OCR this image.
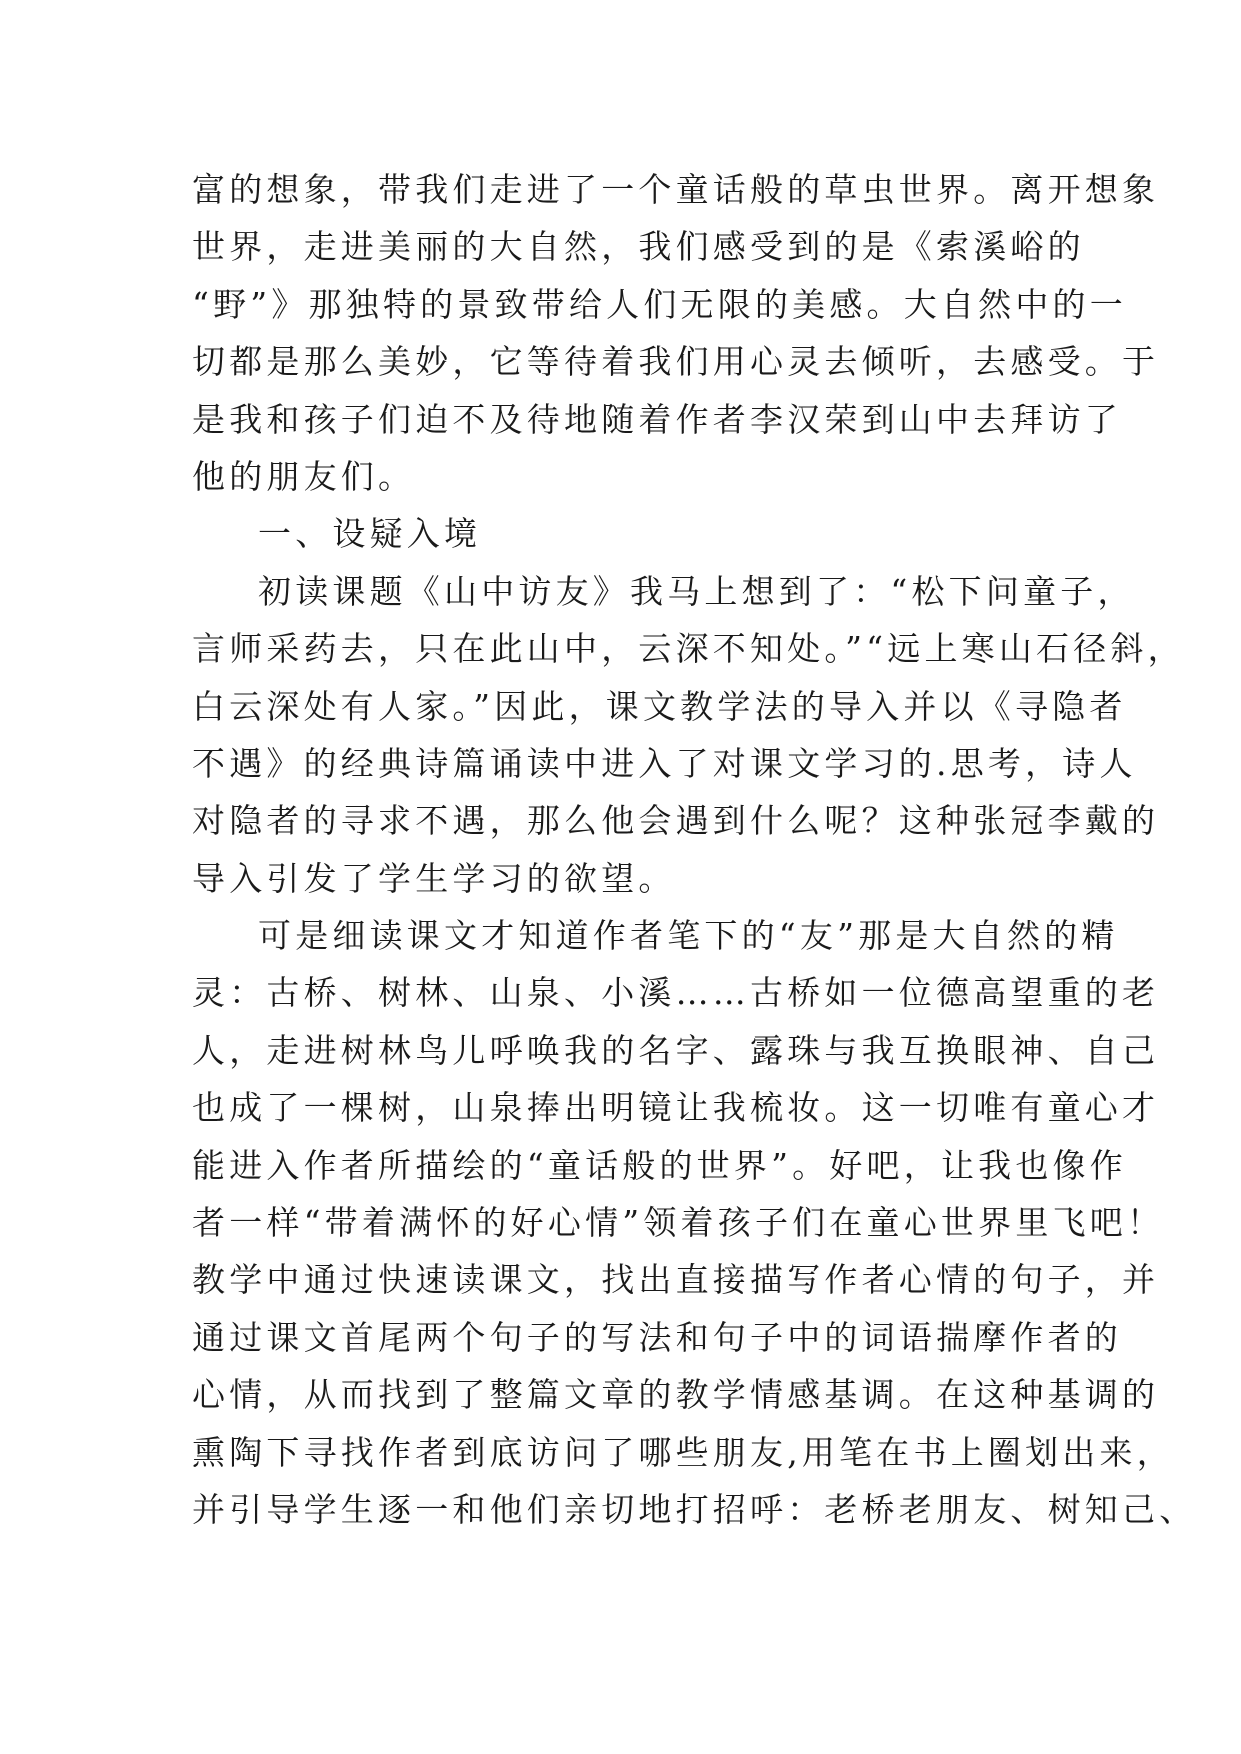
富的想象，带我们走进了一个童话般的草虫世界。离开想象
世界，走进美丽的大自然，我们感受到的是《索溪峪的
“野”》那独特的景致带给人们无限的美感。大自然中的一
切都是那么美妙，它等待着我们用心灵去倾听，去感受。于
是我和孩子们迫不及待地随着作者李汉荣到山中去拜访了
他的朋友们。
一、设疑入境
初读课题《山中访友》我马上想到了：“松下问童子，
言师采药去，只在此山中，云深不知处。”“远上寒山石径斜，
白云深处有人家。”因此，课文教学法的导入并以《寻隐者
不遇》的经典诗篇诵读中进入了对课文学习的.思考，诗人
对隐者的寻求不遇，那么他会遇到什么呢？这种张冠李戴的
导入引发了学生学习的欲望。
可是细读课文才知道作者笔下的“友”那是大自然的精
灵：古桥、树林、山泉、小溪……古桥如一位德高望重的老
人，走进树林鸟儿呼唤我的名字、露珠与我互换眼神、自己
也成了一棵树，山泉捧出明镜让我梳妆。这一切唯有童心才
能进入作者所描绘的“童话般的世界”。好吧，让我也像作
者一样“带着满怀的好心情”领着孩子们在童心世界里飞吧！
教学中通过快速读课文，找出直接描写作者心情的句子，并
通过课文首尾两个句子的写法和句子中的词语揣摩作者的
心情，从而找到了整篇文章的教学情感基调。在这种基调的
熏陶下寻找作者到底访问了哪些朋友,用笔在书上圈划出来，
并引导学生逐一和他们亲切地打招呼：老桥老朋友、树知己、
